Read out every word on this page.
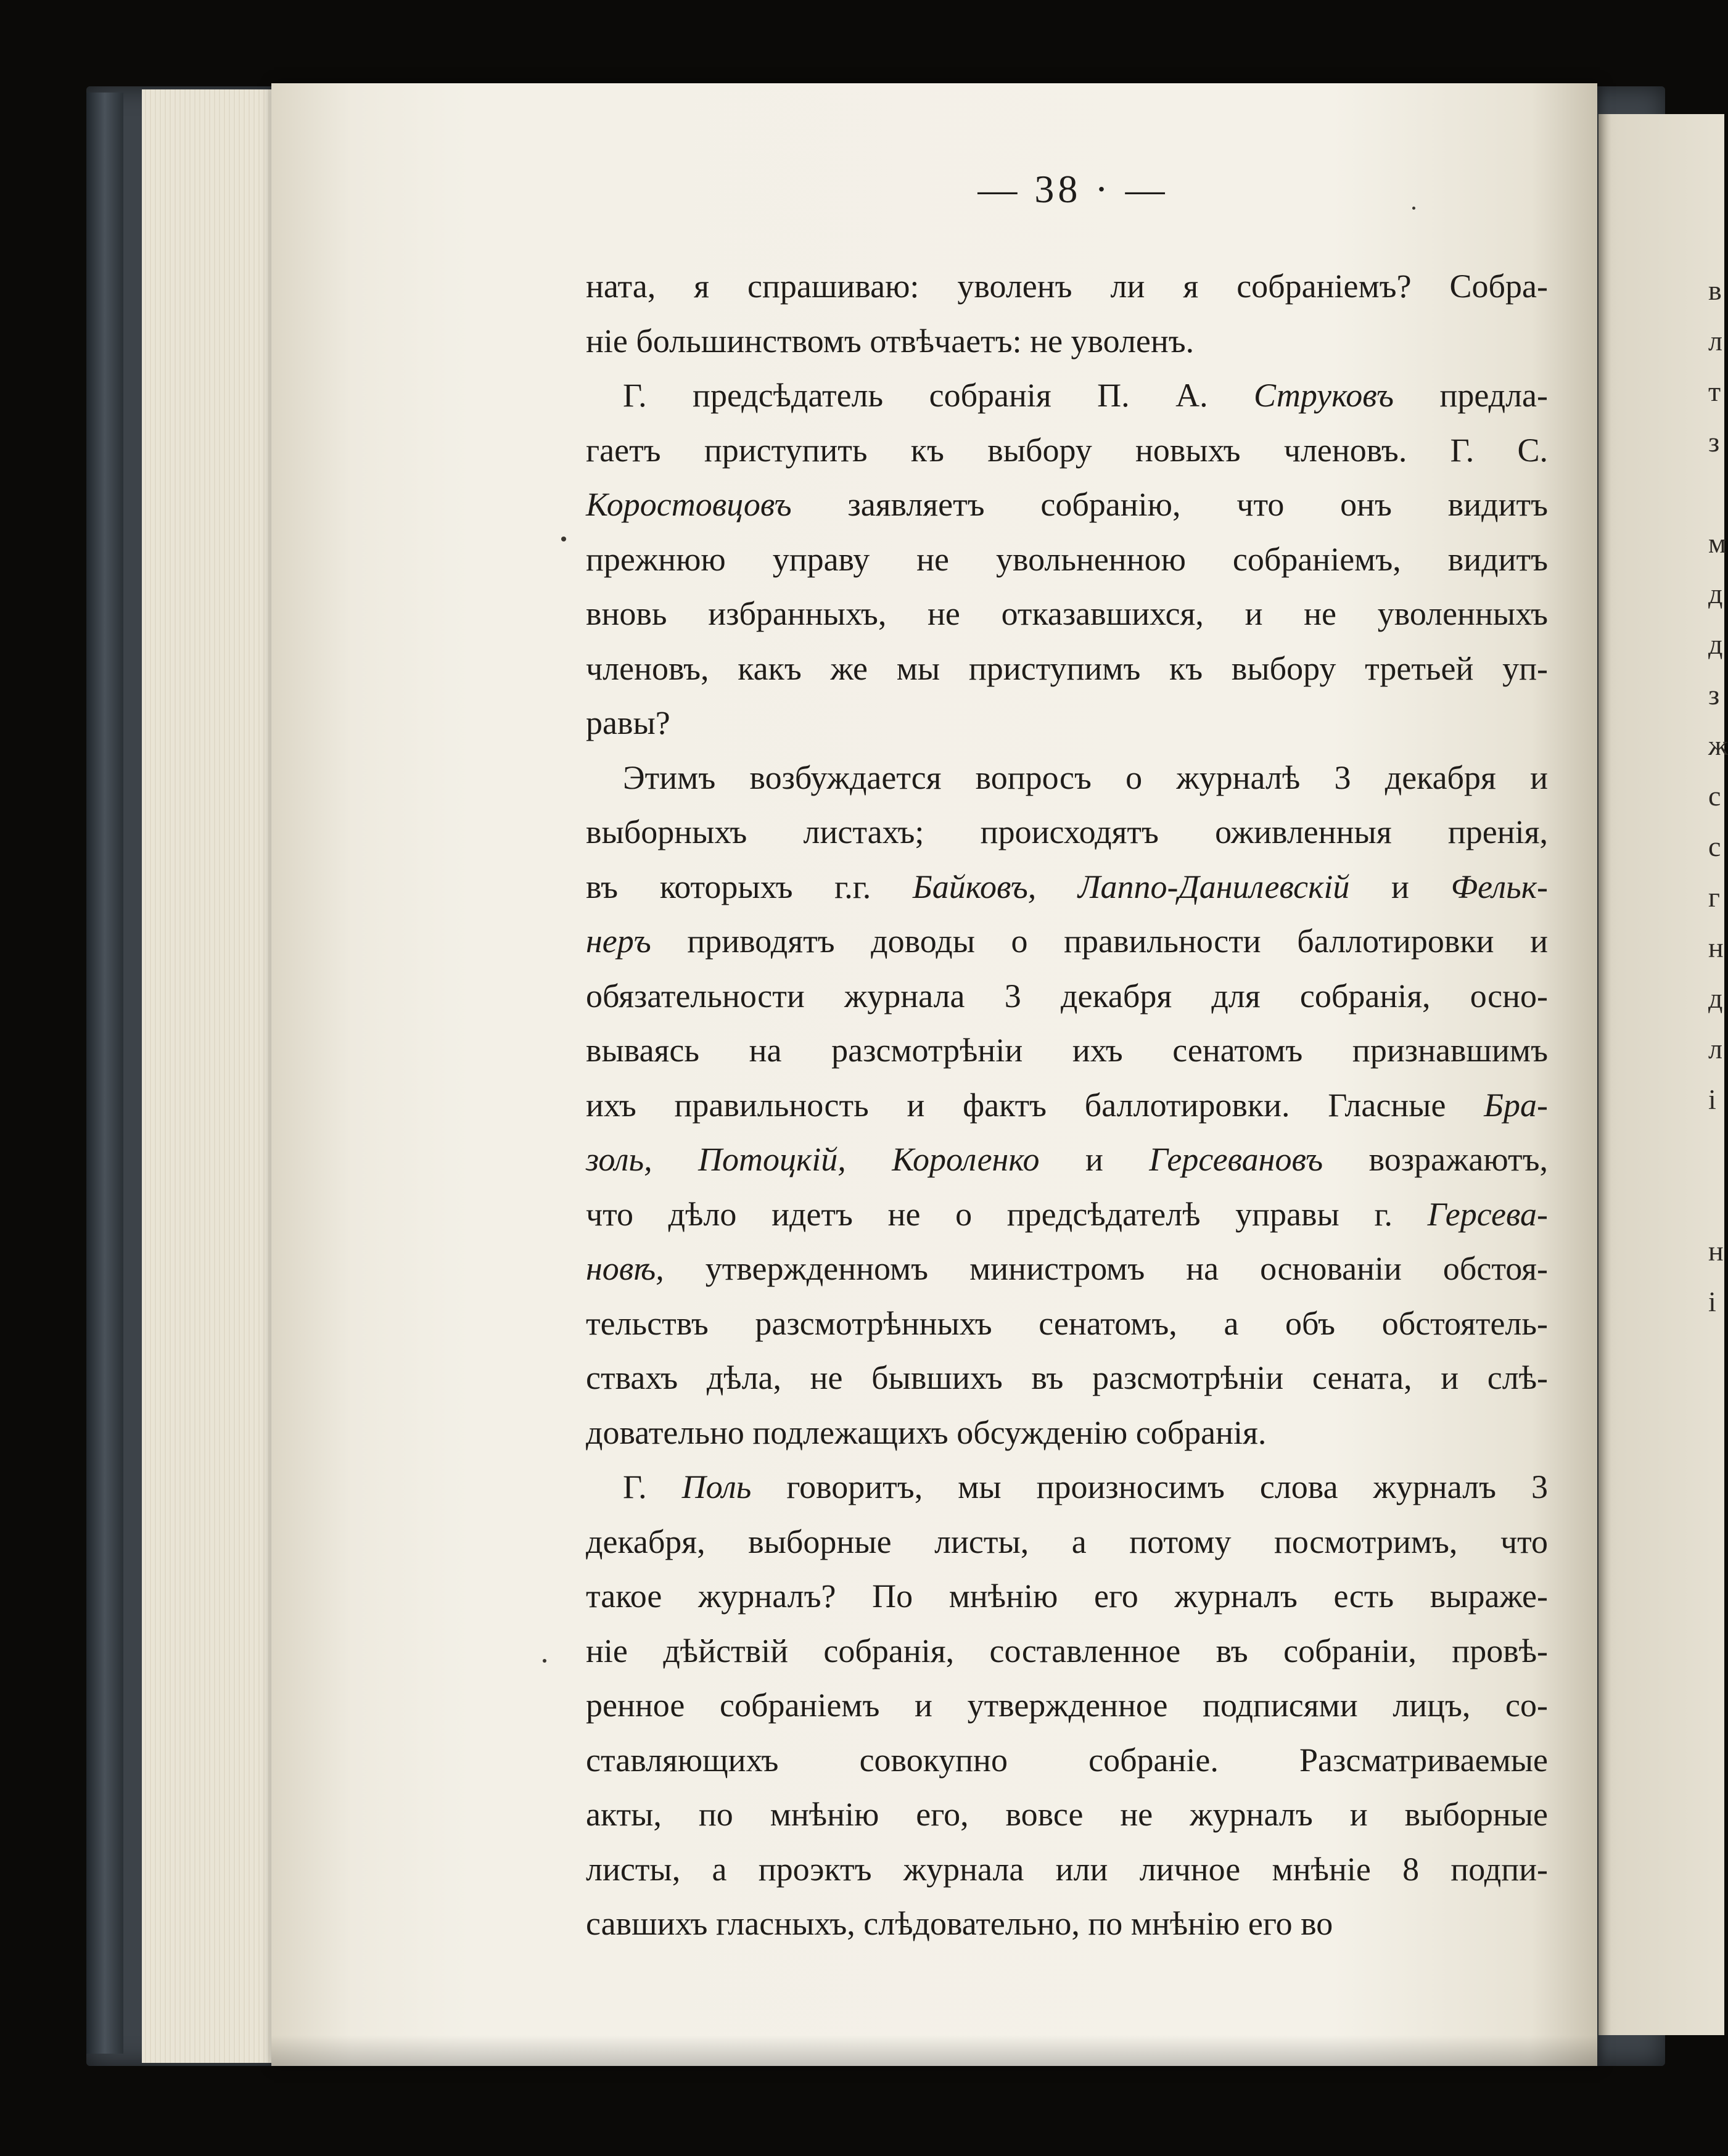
в
л
т
з
м
д
д
з
ж
с
с
г
н
д
л
і
н
і
— 38 · —
ната, я спрашиваю: уволенъ ли я собраніемъ? Собра-
ніе большинствомъ отвѣчаетъ: не уволенъ.
Г. предсѣдатель собранія П. А. Струковъ предла-
гаетъ приступить къ выбору новыхъ членовъ. Г. С.
Коростовцовъ заявляетъ собранію, что онъ видитъ
прежнюю управу не увольненною собраніемъ, видитъ
вновь избранныхъ, не отказавшихся, и не уволенныхъ
членовъ, какъ же мы приступимъ къ выбору третьей уп-
равы?
Этимъ возбуждается вопросъ о журналѣ 3 декабря и
выборныхъ листахъ; происходятъ оживленныя пренія,
въ которыхъ г.г. Байковъ, Лаппо-Данилевскій и Фельк-
неръ приводятъ доводы о правильности баллотировки и
обязательности журнала 3 декабря для собранія, осно-
вываясь на разсмотрѣніи ихъ сенатомъ признавшимъ
ихъ правильность и фактъ баллотировки. Гласные Бра-
золь, Потоцкій, Короленко и Герсевановъ возражаютъ,
что дѣло идетъ не о предсѣдателѣ управы г. Герсева-
новѣ, утвержденномъ министромъ на основаніи обстоя-
тельствъ разсмотрѣнныхъ сенатомъ, а объ обстоятель-
ствахъ дѣла, не бывшихъ въ разсмотрѣніи сената, и слѣ-
довательно подлежащихъ обсужденію собранія.
Г. Поль говоритъ, мы произносимъ слова журналъ 3
декабря, выборные листы, а потому посмотримъ, что
такое журналъ? По мнѣнію его журналъ есть выраже-
ніе дѣйствій собранія, составленное въ собраніи, провѣ-
ренное собраніемъ и утвержденное подписями лицъ, со-
ставляющихъ совокупно собраніе. Разсматриваемые
акты, по мнѣнію его, вовсе не журналъ и выборные
листы, а проэктъ журнала или личное мнѣніе 8 подпи-
савшихъ гласныхъ, слѣдовательно, по мнѣнію его во
